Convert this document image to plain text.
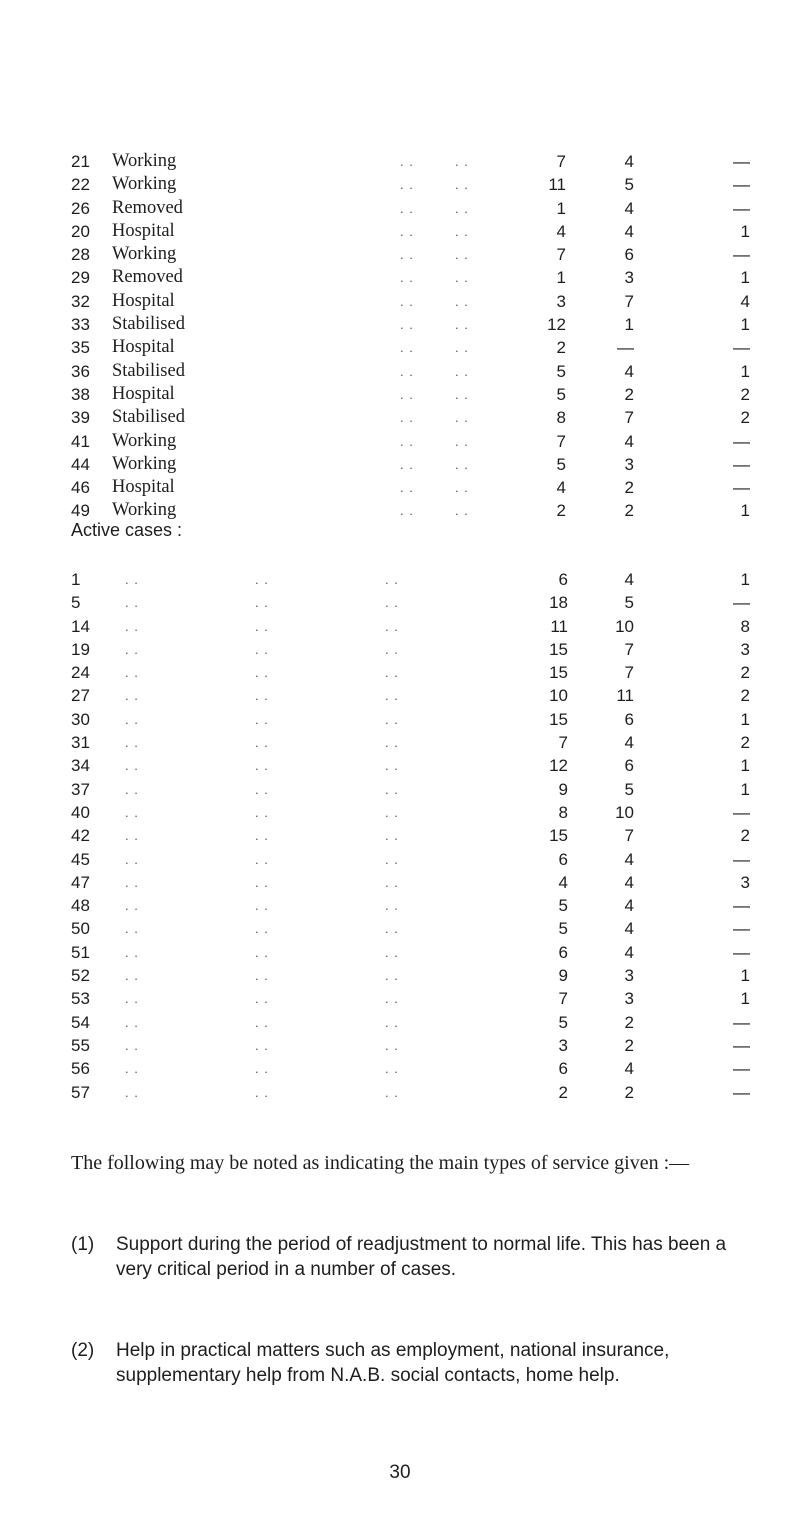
21	Working	. .	. .	7	4	—
22	Working	. .	. .	11	5	—
26	Removed	. .	. .	1	4	—
20	Hospital	. .	. .	4	4	1
28	Working	. .	. .	7	6	—
29	Removed	. .	. .	1	3	1
32	Hospital	. .	. .	3	7	4
33	Stabilised	. .	. .	12	1	1
35	Hospital	. .	. .	2	—	—
36	Stabilised	. .	. .	5	4	1
38	Hospital	. .	. .	5	2	2
39	Stabilised	. .	. .	8	7	2
41	Working	. .	. .	7	4	—
44	Working	. .	. .	5	3	—
46	Hospital	. .	. .	4	2	—
49	Working	. .	. .	2	2	1
Active cases :
1	. .	. .	. .	6	4	1
5	. .	. .	. .	18	5	—
14	. .	. .	. .	11	10	8
19	. .	. .	. .	15	7	3
24	. .	. .	. .	15	7	2
27	. .	. .	. .	10	11	2
30	. .	. .	. .	15	6	1
31	. .	. .	. .	7	4	2
34	. .	. .	. .	12	6	1
37	. .	. .	. .	9	5	1
40	. .	. .	. .	8	10	—
42	. .	. .	. .	15	7	2
45	. .	. .	. .	6	4	—
47	. .	. .	. .	4	4	3
48	. .	. .	. .	5	4	—
50	. .	. .	. .	5	4	—
51	. .	. .	. .	6	4	—
52	. .	. .	. .	9	3	1
53	. .	. .	. .	7	3	1
54	. .	. .	. .	5	2	—
55	. .	. .	. .	3	2	—
56	. .	. .	. .	6	4	—
57	. .	. .	. .	2	2	—
The following may be noted as indicating the main types of service given :—
(1) Support during the period of readjustment to normal life. This has been a very critical period in a number of cases.
(2) Help in practical matters such as employment, national insurance, supplementary help from N.A.B. social contacts, home help.
30
